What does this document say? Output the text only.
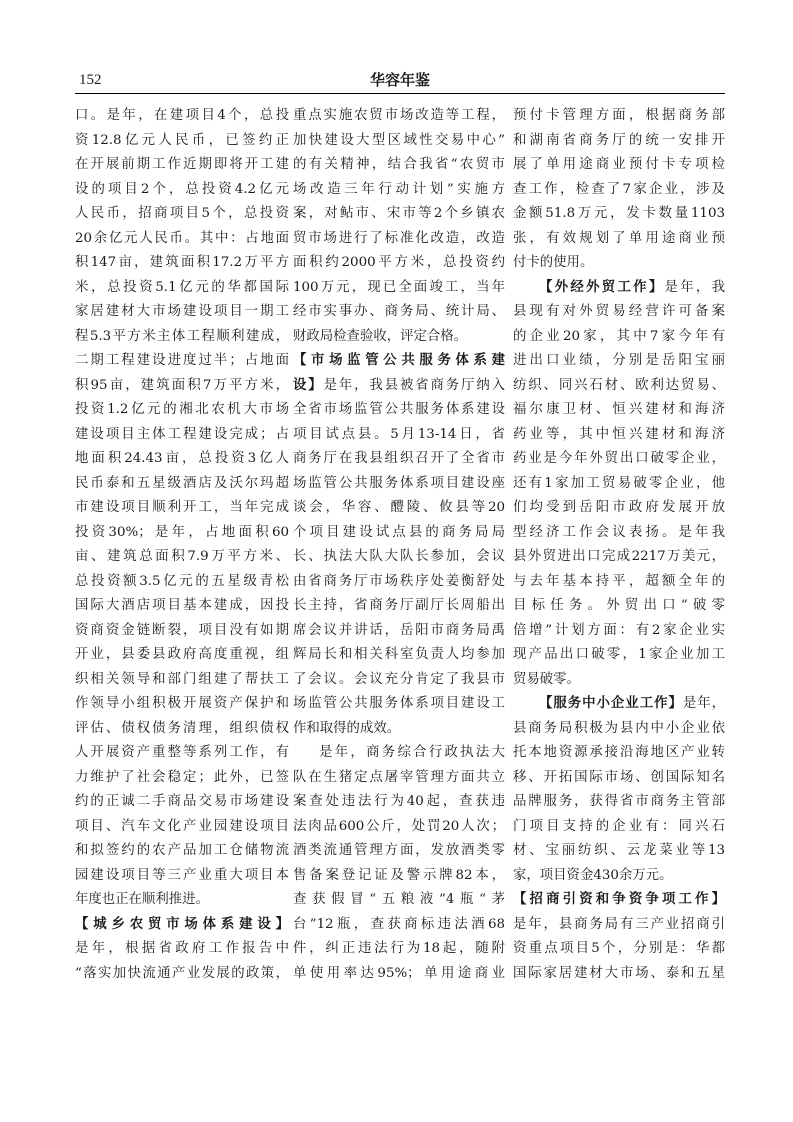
152	华容年鉴
口。是年，在建项目4个，总投
资12.8亿元人民币，已签约正
在开展前期工作近期即将开工建
设的项目2个，总投资4.2亿元
人民币，招商项目5个，总投资
20余亿元人民币。其中：占地面
积147亩，建筑面积17.2万平方
米，总投资5.1亿元的华都国际
家居建材大市场建设项目一期工
程5.3平方米主体工程顺利建成，
二期工程建设进度过半；占地面
积95亩，建筑面积7万平方米，
投资1.2亿元的湘北农机大市场
建设项目主体工程建设完成；占
地面积24.43亩，总投资3亿人
民币泰和五星级酒店及沃尔玛超
市建设项目顺利开工，当年完成
投资30%；是年，占地面积60
亩、建筑总面积7.9万平方米、
总投资额3.5亿元的五星级青松
国际大酒店项目基本建成，因投
资商资金链断裂，项目没有如期
开业，县委县政府高度重视，组
织相关领导和部门组建了帮扶工
作领导小组积极开展资产保护和
评估、债权债务清理，组织债权
人开展资产重整等系列工作，有
力维护了社会稳定；此外，已签
约的正诚二手商品交易市场建设
项目、汽车文化产业园建设项目
和拟签约的农产品加工仓储物流
园建设项目等三产业重大项目本
年度也正在顺利推进。
【城乡农贸市场体系建设】
是年，根据省政府工作报告中
“落实加快流通产业发展的政策，
重点实施农贸市场改造等工程，
加快建设大型区域性交易中心”
的有关精神，结合我省“农贸市
场改造三年行动计划”实施方
案，对鲇市、宋市等2个乡镇农
贸市场进行了标准化改造，改造
面积约2000平方米，总投资约
100万元，现已全面竣工，当年
经市实事办、商务局、统计局、
财政局检查验收，评定合格。
【市场监管公共服务体系建
设】是年，我县被省商务厅纳入
全省市场监管公共服务体系建设
项目试点县。5月13-14日，省
商务厅在我县组织召开了全省市
场监管公共服务体系项目建设座
谈会，华容、醴陵、攸县等20
个项目建设试点县的商务局局
长、执法大队大队长参加，会议
由省商务厅市场秩序处姜衡舒处
长主持，省商务厅副厅长周船出
席会议并讲话，岳阳市商务局禹
辉局长和相关科室负责人均参加
了会议。会议充分肯定了我县市
场监管公共服务体系项目建设工
作和取得的成效。
是年，商务综合行政执法大
队在生猪定点屠宰管理方面共立
案查处违法行为40起，查获违
法肉品600公斤，处罚20人次；
酒类流通管理方面，发放酒类零
售备案登记证及警示牌82本，
查获假冒“五粮液”4瓶“茅
台”12瓶，查获商标违法酒68
件，纠正违法行为18起，随附
单使用率达95%；单用途商业
预付卡管理方面，根据商务部
和湖南省商务厅的统一安排开
展了单用途商业预付卡专项检
查工作，检查了7家企业，涉及
金额51.8万元，发卡数量1103
张，有效规划了单用途商业预
付卡的使用。
【外经外贸工作】是年，我
县现有对外贸易经营许可备案
的企业20家，其中7家今年有
进出口业绩，分别是岳阳宝丽
纺织、同兴石材、欧利达贸易、
福尔康卫材、恒兴建材和海济
药业等，其中恒兴建材和海济
药业是今年外贸出口破零企业，
还有1家加工贸易破零企业，他
们均受到岳阳市政府发展开放
型经济工作会议表扬。是年我
县外贸进出口完成2217万美元，
与去年基本持平，超额全年的
目标任务。外贸出口“破零
倍增”计划方面：有2家企业实
现产品出口破零，1家企业加工
贸易破零。
【服务中小企业工作】是年，
县商务局积极为县内中小企业依
托本地资源承接沿海地区产业转
移、开拓国际市场、创国际知名
品牌服务，获得省市商务主管部
门项目支持的企业有：同兴石
材、宝丽纺织、云龙菜业等13
家，项目资金430余万元。
【招商引资和争资争项工作】
是年，县商务局有三产业招商引
资重点项目5个，分别是：华都
国际家居建材大市场、泰和五星
